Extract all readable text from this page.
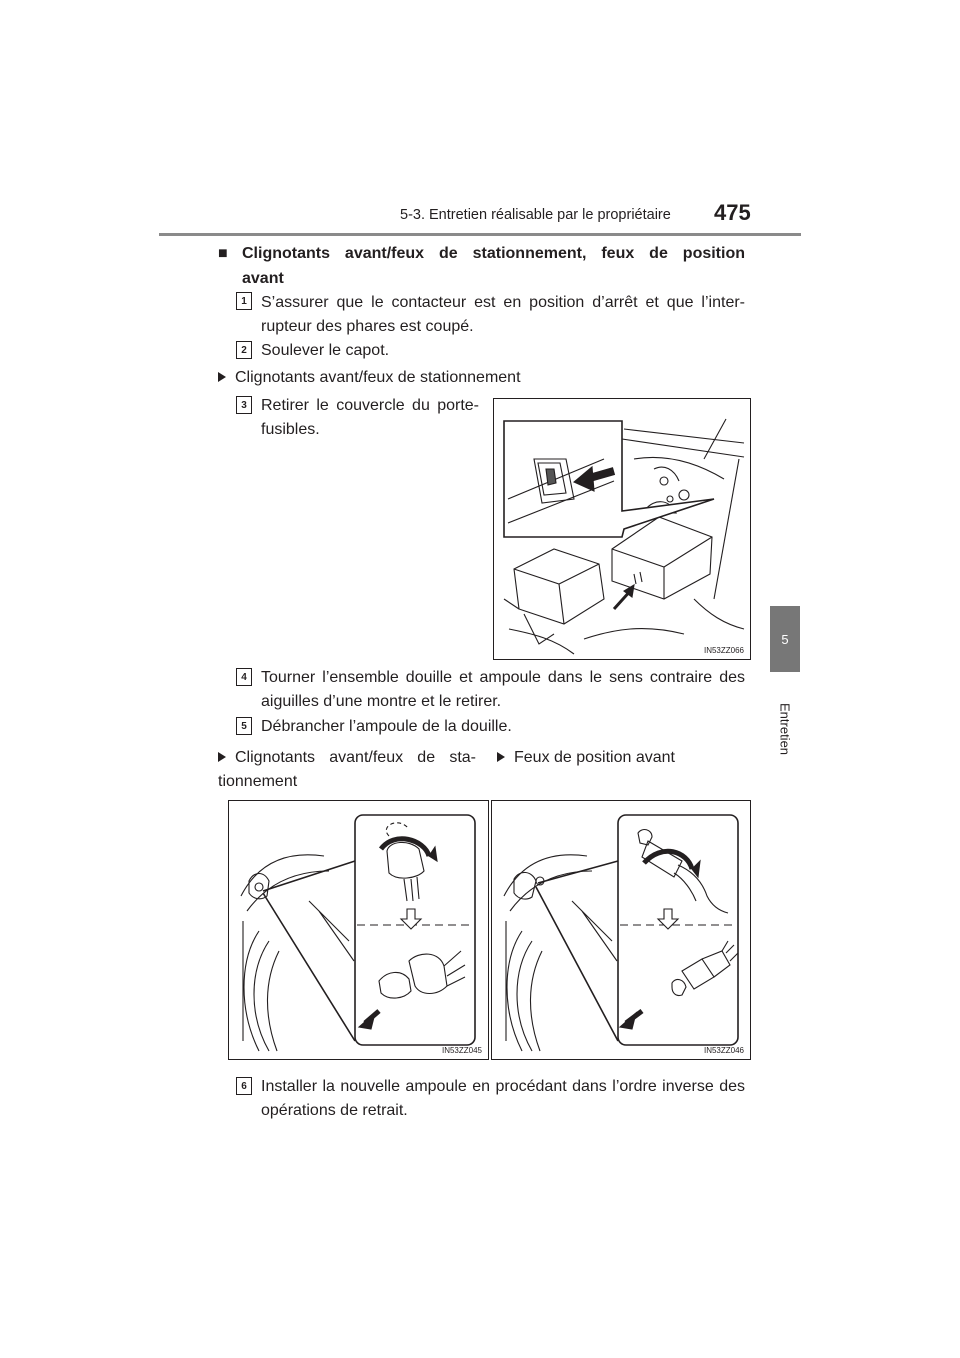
5-3. Entretien réalisable par le propriétaire 475
5
Entretien
■ Clignotants avant/feux de stationnement, feux de position
avant
1 S’assurer que le contacteur est en position d’arrêt et que l’inter-rupteur des phares est coupé.
2 Soulever le capot.
Clignotants avant/feux de stationnement
3 Retirer le couvercle du porte-fusibles.
IN53ZZ066
4 Tourner l’ensemble douille et ampoule dans le sens contraire des aiguilles d’une montre et le retirer.
5 Débrancher l’ampoule de la douille.
Clignotants avant/feux de sta-tionnement
Feux de position avant
IN53ZZ045	IN53ZZ046
6 Installer la nouvelle ampoule en procédant dans l’ordre inverse des opérations de retrait.
